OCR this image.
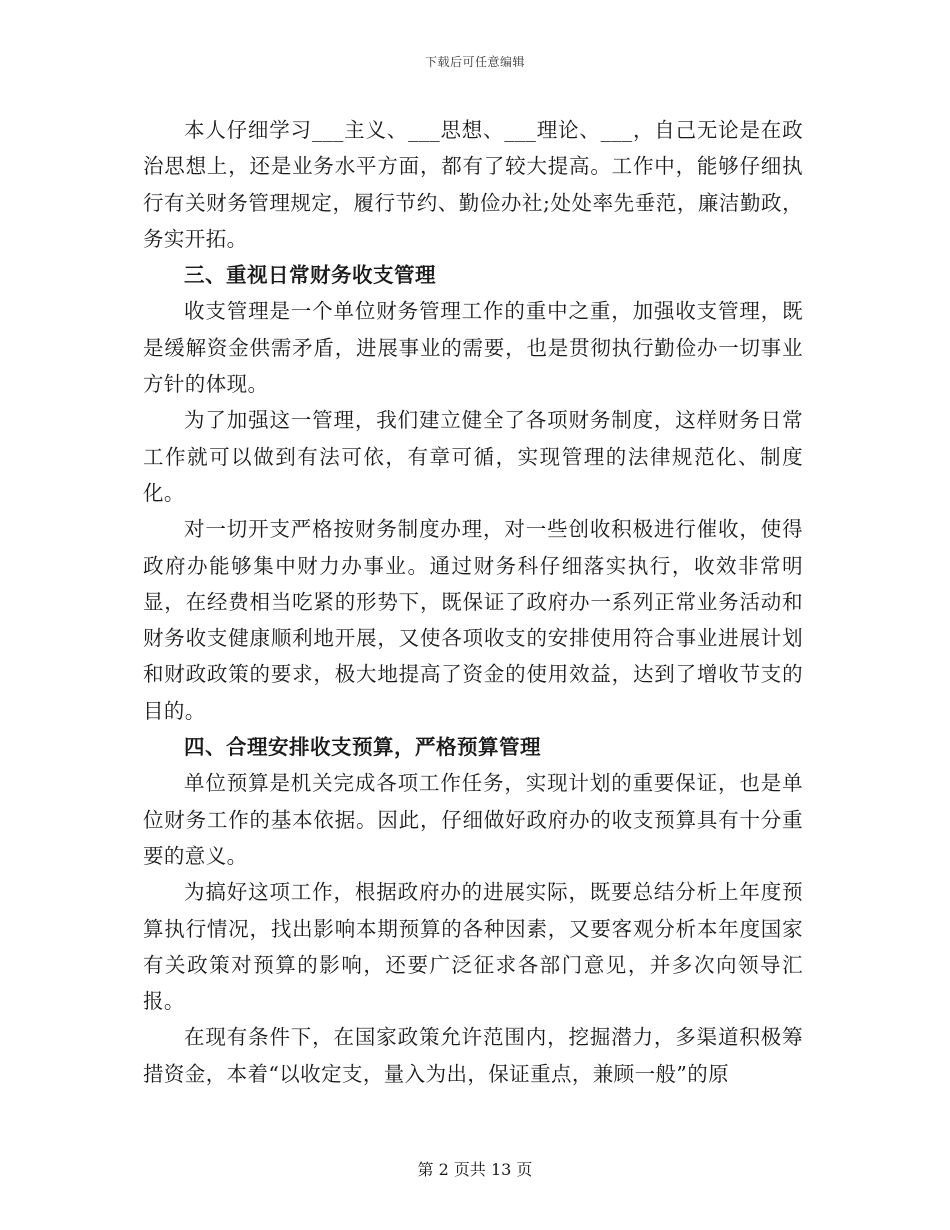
下载后可任意编辑

本人仔细学习___主义、___思想、___理论、___，自己无论是在政治思想上，还是业务水平方面，都有了较大提高。工作中，能够仔细执行有关财务管理规定，履行节约、勤俭办社;处处率先垂范，廉洁勤政，务实开拓。

三、重视日常财务收支管理

收支管理是一个单位财务管理工作的重中之重，加强收支管理，既是缓解资金供需矛盾，进展事业的需要，也是贯彻执行勤俭办一切事业方针的体现。

为了加强这一管理，我们建立健全了各项财务制度，这样财务日常工作就可以做到有法可依，有章可循，实现管理的法律规范化、制度化。

对一切开支严格按财务制度办理，对一些创收积极进行催收，使得政府办能够集中财力办事业。通过财务科仔细落实执行，收效非常明显，在经费相当吃紧的形势下，既保证了政府办一系列正常业务活动和财务收支健康顺利地开展，又使各项收支的安排使用符合事业进展计划和财政政策的要求，极大地提高了资金的使用效益，达到了增收节支的目的。

四、合理安排收支预算，严格预算管理

单位预算是机关完成各项工作任务，实现计划的重要保证，也是单位财务工作的基本依据。因此，仔细做好政府办的收支预算具有十分重要的意义。

为搞好这项工作，根据政府办的进展实际，既要总结分析上年度预算执行情况，找出影响本期预算的各种因素，又要客观分析本年度国家有关政策对预算的影响，还要广泛征求各部门意见，并多次向领导汇报。

在现有条件下，在国家政策允许范围内，挖掘潜力，多渠道积极筹措资金，本着“以收定支，量入为出，保证重点，兼顾一般”的原

第 2 页共 13 页
